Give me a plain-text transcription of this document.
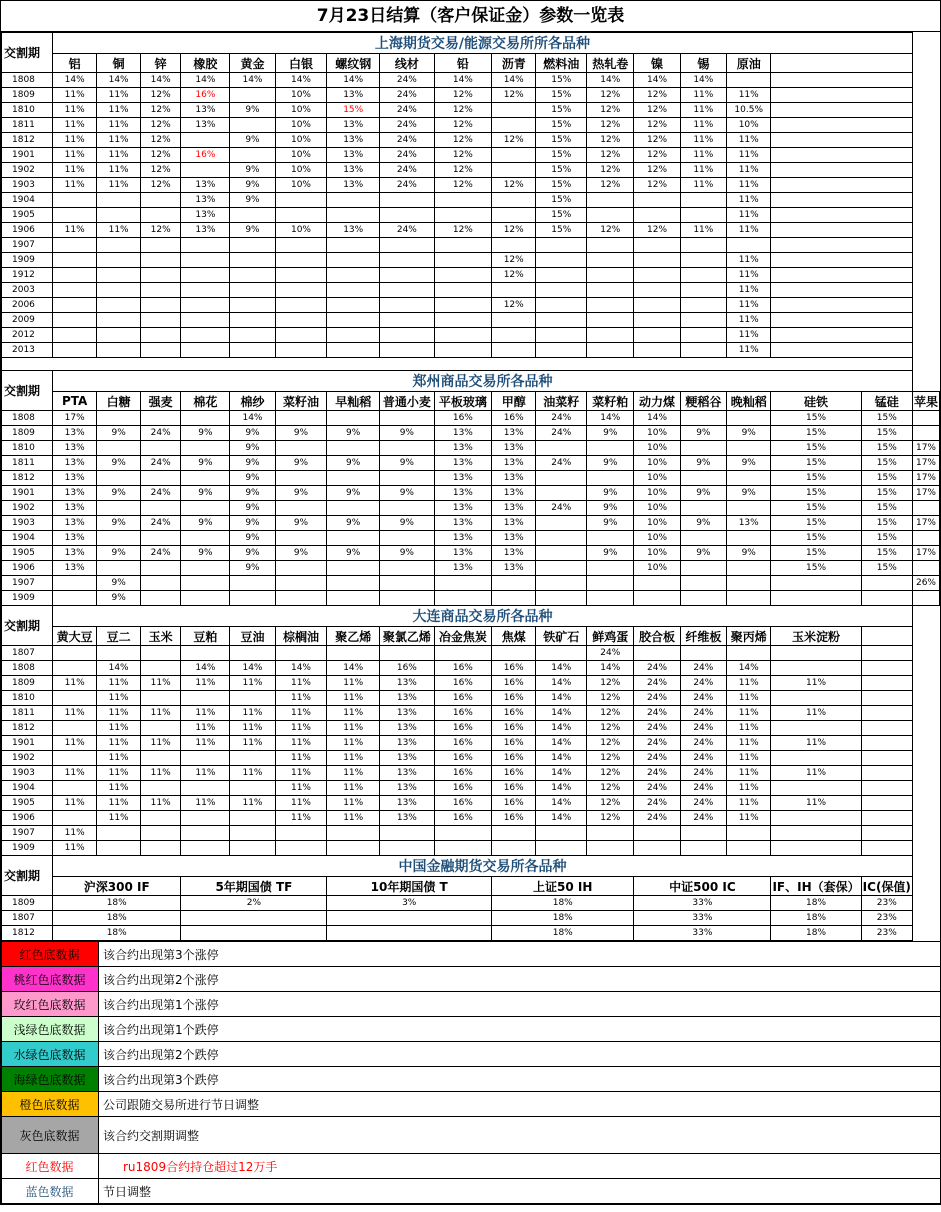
7月23日结算（客户保证金）参数一览表
交割期	上海期货交易/能源交易所所各品种																	
	铝	铜	锌	橡胶	黄金	白银	螺纹钢	线材	铅	沥青	燃料油	热轧卷	镍	锡	原油			
1808	14%	14%	14%	14%	14%	14%	14%	24%	14%	14%	15%	14%	14%	14%				
1809	11%	11%	12%	16%		10%	13%	24%	12%	12%	15%	12%	12%	11%	11%			
1810	11%	11%	12%	13%	9%	10%	15%	24%	12%		15%	12%	12%	11%	10.5%			
1811	11%	11%	12%	13%		10%	13%	24%	12%		15%	12%	12%	11%	10%			
1812	11%	11%	12%		9%	10%	13%	24%	12%	12%	15%	12%	12%	11%	11%			
1901	11%	11%	12%	16%		10%	13%	24%	12%		15%	12%	12%	11%	11%			
1902	11%	11%	12%		9%	10%	13%	24%	12%		15%	12%	12%	11%	11%			
1903	11%	11%	12%	13%	9%	10%	13%	24%	12%	12%	15%	12%	12%	11%	11%			
1904				13%	9%						15%				11%			
1905				13%							15%				11%			
1906	11%	11%	12%	13%	9%	10%	13%	24%	12%	12%	15%	12%	12%	11%	11%			
1907																		
1909										12%					11%			
1912										12%					11%			
2003															11%			
2006										12%					11%			
2009															11%			
2012															11%			
2013															11%			

交割期	郑州商品交易所各品种																	
	PTA	白糖	强麦	棉花	棉纱	菜籽油	早籼稻	普通小麦	平板玻璃	甲醇	油菜籽	菜籽粕	动力煤	粳稻谷	晚籼稻	硅铁	锰硅	苹果
1808	17%				14%				16%	16%	24%	14%	14%			15%	15%	
1809	13%	9%	24%	9%	9%	9%	9%	9%	13%	13%	24%	9%	10%	9%	9%	15%	15%	
1810	13%				9%				13%	13%			10%			15%	15%	17%
1811	13%	9%	24%	9%	9%	9%	9%	9%	13%	13%	24%	9%	10%	9%	9%	15%	15%	17%
1812	13%				9%				13%	13%			10%			15%	15%	17%
1901	13%	9%	24%	9%	9%	9%	9%	9%	13%	13%		9%	10%	9%	9%	15%	15%	17%
1902	13%				9%				13%	13%	24%	9%	10%			15%	15%	
1903	13%	9%	24%	9%	9%	9%	9%	9%	13%	13%		9%	10%	9%	13%	15%	15%	17%
1904	13%				9%				13%	13%			10%			15%	15%	
1905	13%	9%	24%	9%	9%	9%	9%	9%	13%	13%		9%	10%	9%	9%	15%	15%	17%
1906	13%				9%				13%	13%			10%			15%	15%	
1907		9%																26%
1909		9%																
交割期	大连商品交易所各品种																	
	黄大豆	豆二	玉米	豆粕	豆油	棕榈油	聚乙烯	聚氯乙烯	冶金焦炭	焦煤	铁矿石	鲜鸡蛋	胶合板	纤维板	聚丙烯	玉米淀粉		
1807												24%						
1808		14%		14%	14%	14%	14%	16%	16%	16%	14%	14%	24%	24%	14%			
1809	11%	11%	11%	11%	11%	11%	11%	13%	16%	16%	14%	12%	24%	24%	11%	11%		
1810		11%				11%	11%	13%	16%	16%	14%	12%	24%	24%	11%			
1811	11%	11%	11%	11%	11%	11%	11%	13%	16%	16%	14%	12%	24%	24%	11%	11%		
1812		11%		11%	11%	11%	11%	13%	16%	16%	14%	12%	24%	24%	11%			
1901	11%	11%	11%	11%	11%	11%	11%	13%	16%	16%	14%	12%	24%	24%	11%	11%		
1902		11%				11%	11%	13%	16%	16%	14%	12%	24%	24%	11%			
1903	11%	11%	11%	11%	11%	11%	11%	13%	16%	16%	14%	12%	24%	24%	11%	11%		
1904		11%				11%	11%	13%	16%	16%	14%	12%	24%	24%	11%			
1905	11%	11%	11%	11%	11%	11%	11%	13%	16%	16%	14%	12%	24%	24%	11%	11%		
1906		11%				11%	11%	13%	16%	16%	14%	12%	24%	24%	11%			
1907	11%																	
1909	11%																	
交割期	中国金融期货交易所各品种																	
	沪深300 IF			5年期国债 TF			10年期国债 T			上证50 IH			中证500 IC			IF、IH（套保）	IC(保值)	
1809	18%			2%			3%			18%			33%			18%	23%	
1807	18%									18%			33%			18%	23%	
1812	18%									18%			33%			18%	23%	
红色底数据	该合约出现第3个涨停
桃红色底数据	该合约出现第2个涨停
玫红色底数据	该合约出现第1个涨停
浅绿色底数据	该合约出现第1个跌停
水绿色底数据	该合约出现第2个跌停
海绿色底数据	该合约出现第3个跌停
橙色底数据	公司跟随交易所进行节日调整
灰色底数据	该合约交割期调整
红色数据	ru1809合约持仓超过12万手
蓝色数据	节日调整
